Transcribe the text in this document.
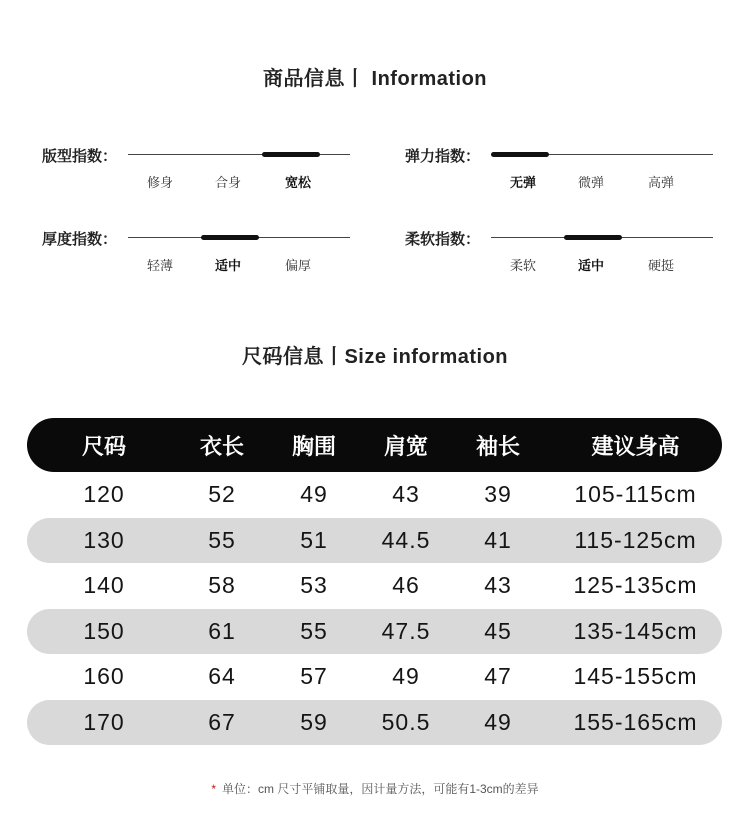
商品信息丨 Information
版型指数：
修身	合身	宽松
弹力指数：
无弹	微弹	高弹
厚度指数：
轻薄	适中	偏厚
柔软指数：
柔软	适中	硬挺
尺码信息丨Size information
尺码	衣长	胸围	肩宽	袖长	建议身高
120	52	49	43	39	105-115cm
130	55	51	44.5	41	115-125cm
140	58	53	46	43	125-135cm
150	61	55	47.5	45	135-145cm
160	64	57	49	47	145-155cm
170	67	59	50.5	49	155-165cm
* 单位：cm 尺寸平铺取量，因计量方法，可能有1-3cm的差异
